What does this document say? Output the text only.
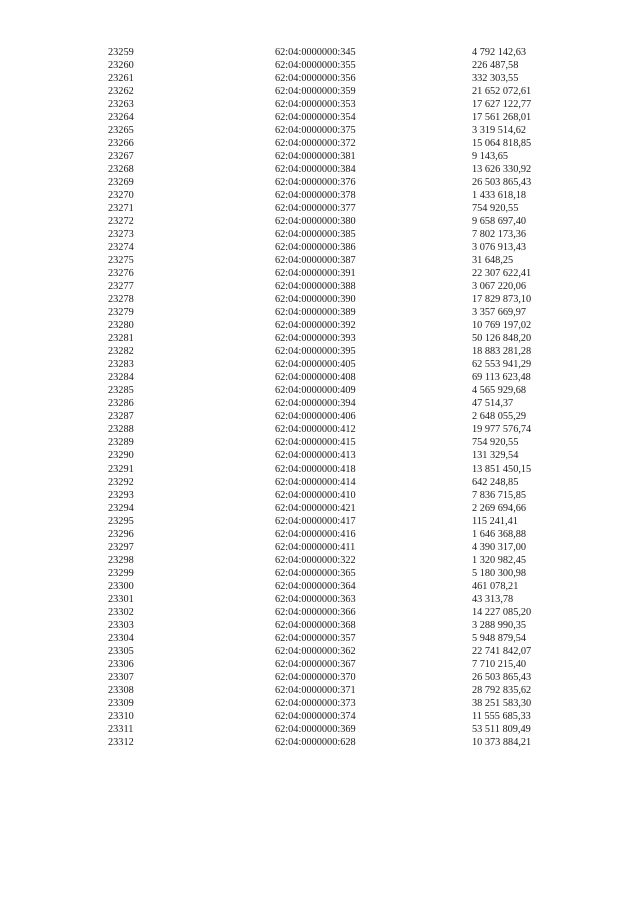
23259	62:04:0000000:345	4 792 142,63
23260	62:04:0000000:355	226 487,58
23261	62:04:0000000:356	332 303,55
23262	62:04:0000000:359	21 652 072,61
23263	62:04:0000000:353	17 627 122,77
23264	62:04:0000000:354	17 561 268,01
23265	62:04:0000000:375	3 319 514,62
23266	62:04:0000000:372	15 064 818,85
23267	62:04:0000000:381	9 143,65
23268	62:04:0000000:384	13 626 330,92
23269	62:04:0000000:376	26 503 865,43
23270	62:04:0000000:378	1 433 618,18
23271	62:04:0000000:377	754 920,55
23272	62:04:0000000:380	9 658 697,40
23273	62:04:0000000:385	7 802 173,36
23274	62:04:0000000:386	3 076 913,43
23275	62:04:0000000:387	31 648,25
23276	62:04:0000000:391	22 307 622,41
23277	62:04:0000000:388	3 067 220,06
23278	62:04:0000000:390	17 829 873,10
23279	62:04:0000000:389	3 357 669,97
23280	62:04:0000000:392	10 769 197,02
23281	62:04:0000000:393	50 126 848,20
23282	62:04:0000000:395	18 883 281,28
23283	62:04:0000000:405	62 553 941,29
23284	62:04:0000000:408	69 113 623,48
23285	62:04:0000000:409	4 565 929,68
23286	62:04:0000000:394	47 514,37
23287	62:04:0000000:406	2 648 055,29
23288	62:04:0000000:412	19 977 576,74
23289	62:04:0000000:415	754 920,55
23290	62:04:0000000:413	131 329,54
23291	62:04:0000000:418	13 851 450,15
23292	62:04:0000000:414	642 248,85
23293	62:04:0000000:410	7 836 715,85
23294	62:04:0000000:421	2 269 694,66
23295	62:04:0000000:417	115 241,41
23296	62:04:0000000:416	1 646 368,88
23297	62:04:0000000:411	4 390 317,00
23298	62:04:0000000:322	1 320 982,45
23299	62:04:0000000:365	5 180 300,98
23300	62:04:0000000:364	461 078,21
23301	62:04:0000000:363	43 313,78
23302	62:04:0000000:366	14 227 085,20
23303	62:04:0000000:368	3 288 990,35
23304	62:04:0000000:357	5 948 879,54
23305	62:04:0000000:362	22 741 842,07
23306	62:04:0000000:367	7 710 215,40
23307	62:04:0000000:370	26 503 865,43
23308	62:04:0000000:371	28 792 835,62
23309	62:04:0000000:373	38 251 583,30
23310	62:04:0000000:374	11 555 685,33
23311	62:04:0000000:369	53 511 809,49
23312	62:04:0000000:628	10 373 884,21
